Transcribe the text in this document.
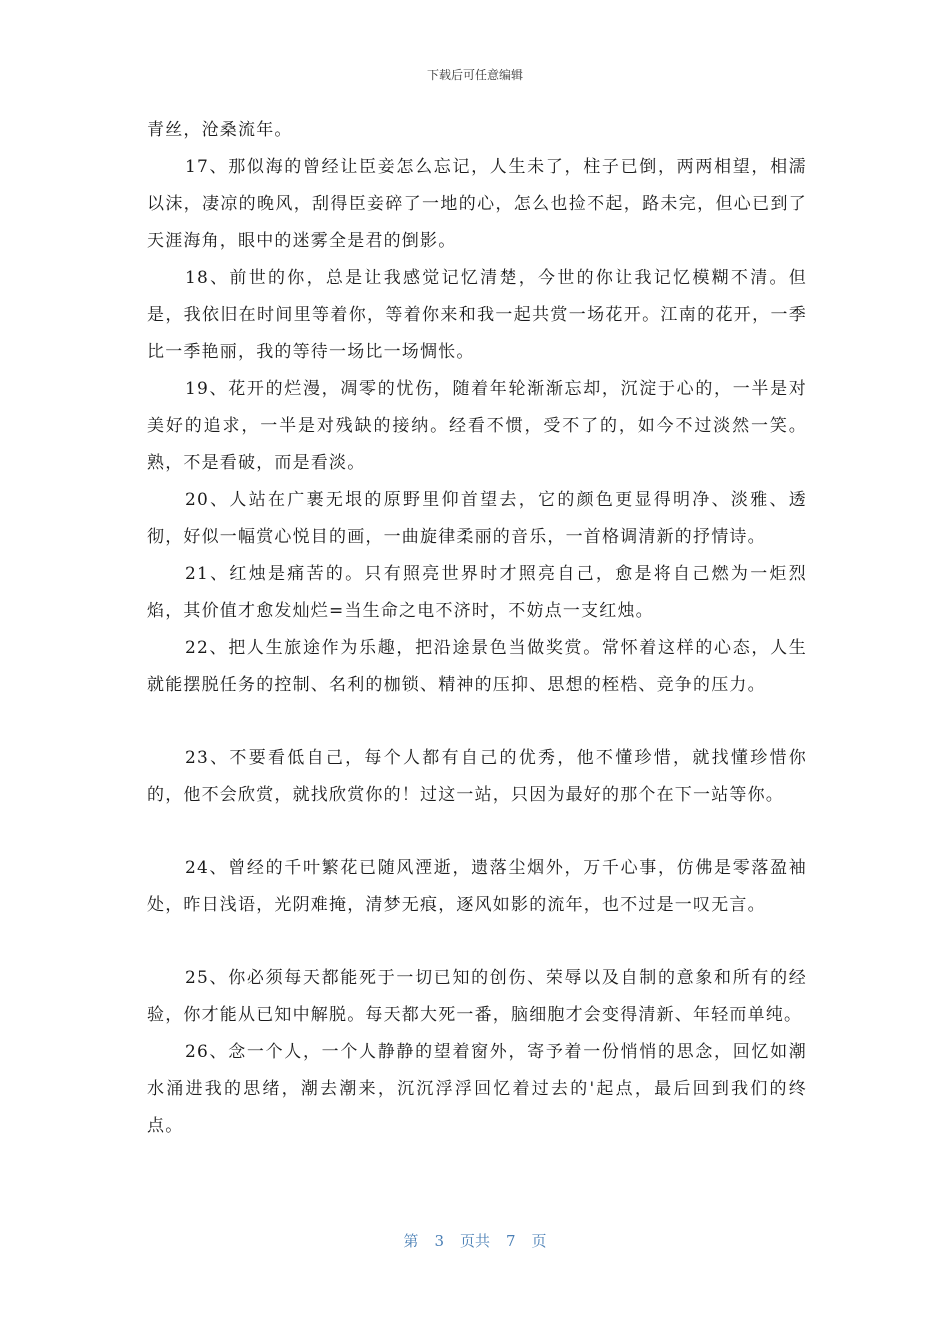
下载后可任意编辑

青丝，沧桑流年。

17、那似海的曾经让臣妾怎么忘记，人生未了，柱子已倒，两两相望，相濡以沫，凄凉的晚风，刮得臣妾碎了一地的心，怎么也捡不起，路未完，但心已到了天涯海角，眼中的迷雾全是君的倒影。

18、前世的你，总是让我感觉记忆清楚，今世的你让我记忆模糊不清。但是，我依旧在时间里等着你，等着你来和我一起共赏一场花开。江南的花开，一季比一季艳丽，我的等待一场比一场惆怅。

19、花开的烂漫，凋零的忧伤，随着年轮渐渐忘却，沉淀于心的，一半是对美好的追求，一半是对残缺的接纳。经看不惯，受不了的，如今不过淡然一笑。熟，不是看破，而是看淡。

20、人站在广裹无垠的原野里仰首望去，它的颜色更显得明净、淡雅、透彻，好似一幅赏心悦目的画，一曲旋律柔丽的音乐，一首格调清新的抒情诗。

21、红烛是痛苦的。只有照亮世界时才照亮自己，愈是将自己燃为一炬烈焰，其价值才愈发灿烂=当生命之电不济时，不妨点一支红烛。

22、把人生旅途作为乐趣，把沿途景色当做奖赏。常怀着这样的心态，人生就能摆脱任务的控制、名利的枷锁、精神的压抑、思想的桎梏、竞争的压力。

23、不要看低自己，每个人都有自己的优秀，他不懂珍惜，就找懂珍惜你的，他不会欣赏，就找欣赏你的！过这一站，只因为最好的那个在下一站等你。

24、曾经的千叶繁花已随风湮逝，遗落尘烟外，万千心事，仿佛是零落盈袖处，昨日浅语，光阴难掩，清梦无痕，逐风如影的流年，也不过是一叹无言。

25、你必须每天都能死于一切已知的创伤、荣辱以及自制的意象和所有的经验，你才能从已知中解脱。每天都大死一番，脑细胞才会变得清新、年轻而单纯。

26、念一个人，一个人静静的望着窗外，寄予着一份悄悄的思念，回忆如潮水涌进我的思绪，潮去潮来，沉沉浮浮回忆着过去的'起点，最后回到我们的终点。

第 3 页共 7 页
